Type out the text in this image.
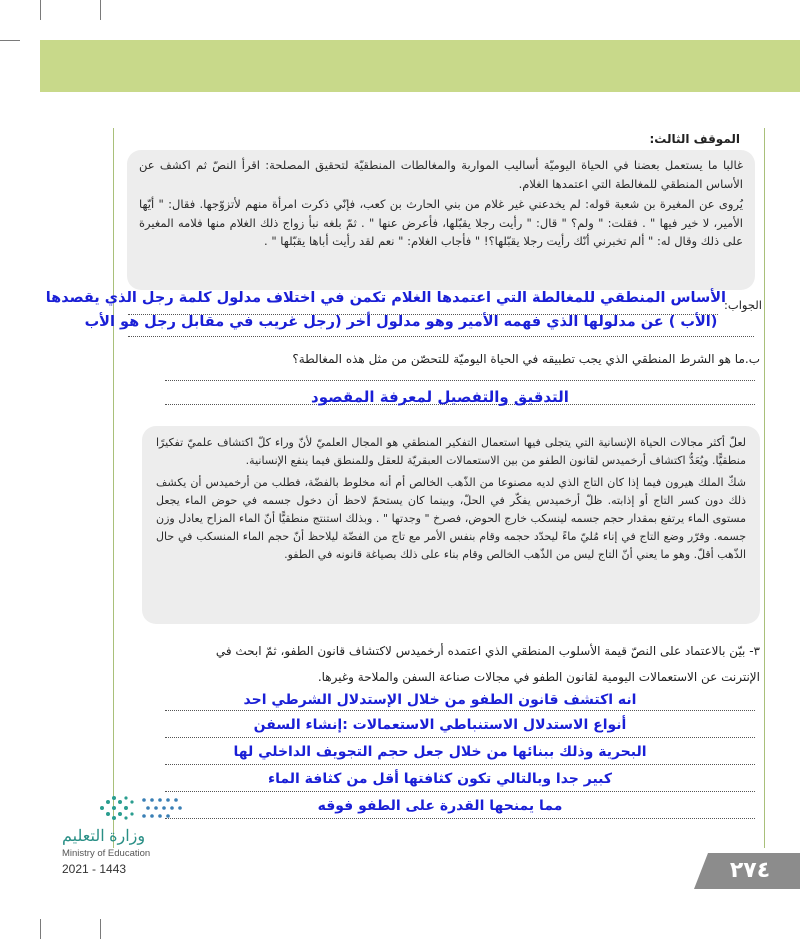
الموقف الثالث:

غالبا ما يستعمل بعضنا في الحياة اليوميّة أساليب المواربة والمغالطات المنطقيّة لتحقيق المصلحة: اقرأ النصّ ثم اكشف عن الأساس المنطقي للمغالطة التي اعتمدها الغلام.

يُروى عن المغيرة بن شعبة قوله: لم يخدعني غير غلام من بني الحارث بن كعب، فإنّي ذكرت امرأة منهم لأتزوّجها. فقال: " أيّها الأمير، لا خير فيها " . فقلت: " ولم؟ " قال: " رأيت رجلا يقبّلها، فأعرض عنها " . ثمّ بلغه نبأ زواج ذلك الغلام منها فلامه المغيرة على ذلك وقال له: " ألم تخبرني أنّك رأيت رجلا يقبّلها؟! " فأجاب الغلام: " نعم لقد رأيت أباها يقبّلها " .

الجواب:
الأساس المنطقي للمغالطة التي اعتمدها الغلام تكمن في اختلاف مدلول كلمة رجل الذي يقصدها
(الأب ) عن مدلولها الذي فهمه الأمير وهو مدلول أخر (رجل غريب في مقابل رجل هو الأب
ب.ما هو الشرط المنطقي الذي يجب تطبيقه في الحياة اليوميّة للتحصّن من مثل هذه المغالطة؟
التدقيق والتفصيل لمعرفة المقصود

لعلّ أكثر مجالات الحياة الإنسانية التي يتجلى فيها استعمال التفكير المنطقي هو المجال العلميّ لأنّ وراء كلّ اكتشاف علميّ تفكيرًا منطقيًّا. ويُعَدُّ اكتشاف أرخميدس لقانون الطفو من بين الاستعمالات العبقريّة للعقل وللمنطق فيما ينفع الإنسانية.

شكّ الملك هيرون فيما إذا كان التاج الذي لديه مصنوعا من الذّهب الخالص أم أنه مخلوط بالفضّة، فطلب من أرخميدس أن يكشف ذلك دون كسر التاج أو إذابته. ظلّ أرخميدس يفكّر في الحلّ، وبينما كان يستحمّ لاحظ أن دخول جسمه في حوض الماء يجعل مستوى الماء يرتفع بمقدار حجم جسمه لينسكب خارج الحوض، فصرخ " وجدتها " . وبذلك استنتج منطقيًّا أنّ الماء المزاح يعادل وزن جسمه. وقرّر وضع التاج في إناء مُليّ ماءً ليحدّد حجمه وقام بنفس الأمر مع تاج من الفضّة ليلاحظ أنّ حجم الماء المنسكب في حال الذّهب أقلّ. وهو ما يعني أنّ التاج ليس من الذّهب الخالص وقام بناء على ذلك بصياغة قانونه في الطفو.

٣- بيّن بالاعتماد على النصّ قيمة الأسلوب المنطقي الذي اعتمده أرخميدس لاكتشاف قانون الطفو، ثمّ ابحث في
الإنترنت عن الاستعمالات اليومية لقانون الطفو في مجالات صناعة السفن والملاحة وغيرها.
انه اكتشف قانون الطفو من خلال الإستدلال الشرطي احد
أنواع الاستدلال الاستنباطي الاستعمالات :إنشاء السفن
البحرية وذلك ببنائها من خلال جعل حجم التجويف الداخلي لها
كبير جدا وبالتالي تكون كثافتها أقل من كثافة الماء
مما يمنحها القدرة على الطفو فوقه
وزارة التعليم
Ministry of Education
2021 - 1443	٢٧٤
